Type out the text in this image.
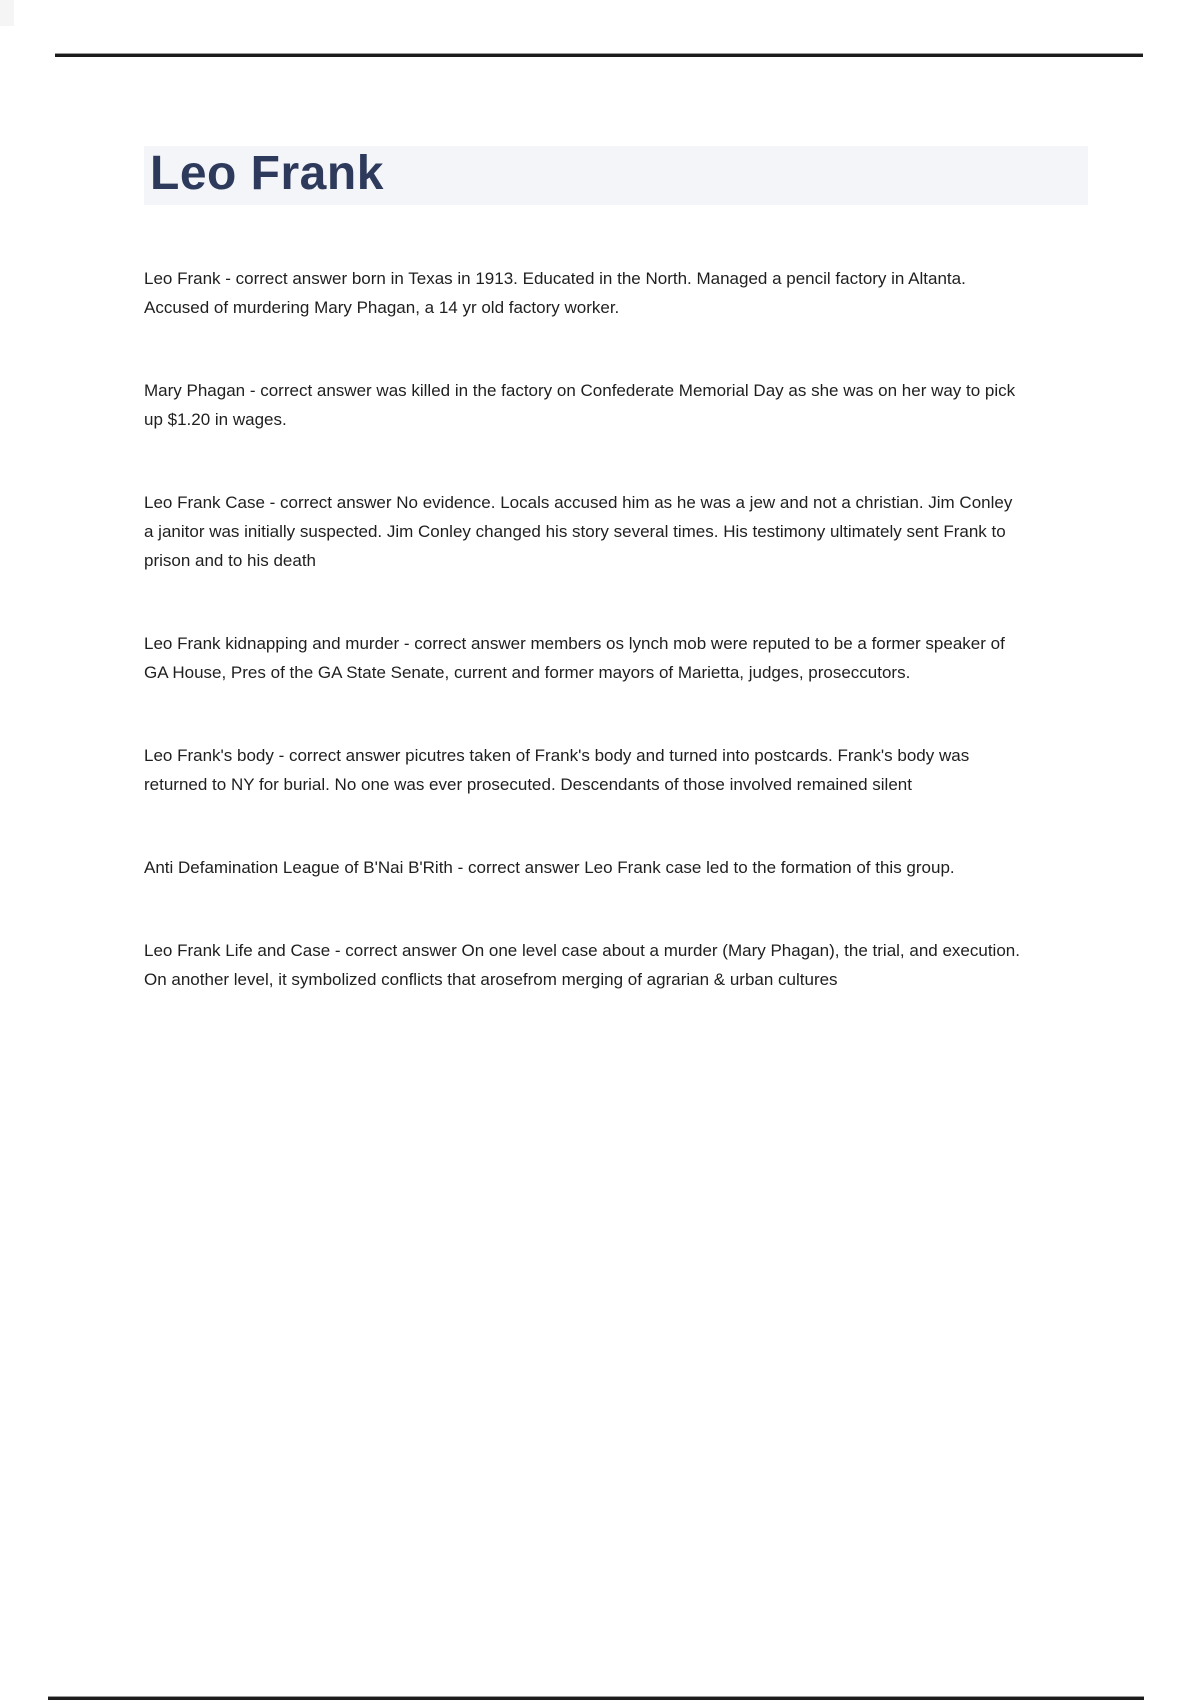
Leo Frank

Leo Frank - correct answer born in Texas in 1913. Educated in the North. Managed a pencil factory in Altanta. Accused of murdering Mary Phagan, a 14 yr old factory worker.

Mary Phagan - correct answer was killed in the factory on Confederate Memorial Day as she was on her way to pick up $1.20 in wages.

Leo Frank Case - correct answer No evidence. Locals accused him as he was a jew and not a christian. Jim Conley a janitor was initially suspected. Jim Conley changed his story several times. His testimony ultimately sent Frank to prison and to his death

Leo Frank kidnapping and murder - correct answer members os lynch mob were reputed to be a former speaker of GA House, Pres of the GA State Senate, current and former mayors of Marietta, judges, proseccutors.

Leo Frank's body - correct answer picutres taken of Frank's body and turned into postcards. Frank's body was returned to NY for burial. No one was ever prosecuted. Descendants of those involved remained silent

Anti Defamination League of B'Nai B'Rith - correct answer Leo Frank case led to the formation of this group.

Leo Frank Life and Case - correct answer On one level case about a murder (Mary Phagan), the trial, and execution. On another level, it symbolized conflicts that arosefrom merging of agrarian & urban cultures
